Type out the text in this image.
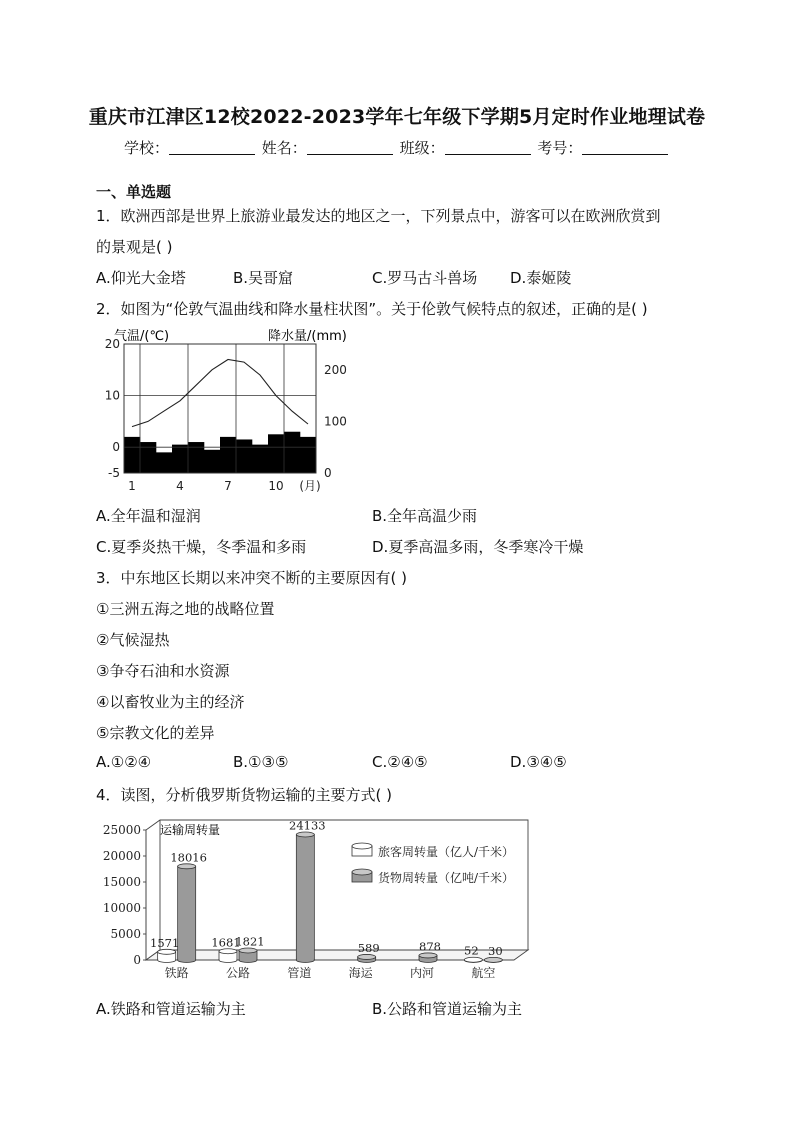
重庆市江津区12校2022-2023学年七年级下学期5月定时作业地理试卷
学校：	姓名：	班级：	考号：
一、单选题
1．欧洲西部是世界上旅游业最发达的地区之一，下列景点中，游客可以在欧洲欣赏到
的景观是( )
A.仰光大金塔	B.吴哥窟	C.罗马古斗兽场 D.泰姬陵
2．如图为“伦敦气温曲线和降水量柱状图”。关于伦敦气候特点的叙述，正确的是( )
气温/(℃)	降水量/(mm)
20
10
0
-5
200
100
0
1	4	7	10 (月)
A.全年温和湿润	B.全年高温少雨
C.夏季炎热干燥，冬季温和多雨	D.夏季高温多雨，冬季寒冷干燥
3．中东地区长期以来冲突不断的主要原因有( )
①三洲五海之地的战略位置
②气候湿热
③争夺石油和水资源
④以畜牧业为主的经济
⑤宗教文化的差异
A.①②④	B.①③⑤	C.②④⑤	D.③④⑤
4．读图，分析俄罗斯货物运输的主要方式( )
25000
20000
15000
10000
5000
0
铁路	公路	管道	海运	内河	航空
1571
18016
1681
1821
24133
589	878 52 30
运输周转量
旅客周转量（亿人/千米）
货物周转量（亿吨/千米）
A.铁路和管道运输为主	B.公路和管道运输为主
